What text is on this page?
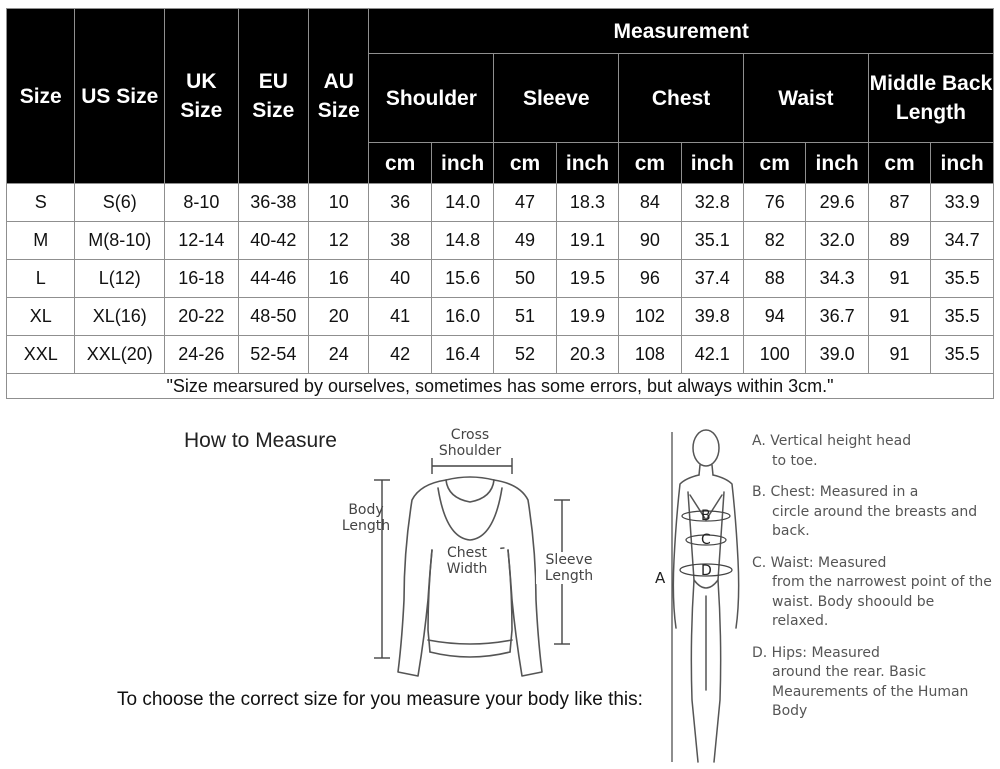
Size	US Size	UK Size	EU Size	AU Size	Measurement									
					Shoulder		Sleeve		Chest		Waist		Middle Back Length	
					cm	inch	cm	inch	cm	inch	cm	inch	cm	inch
S	S(6)	8-10	36-38	10	36	14.0	47	18.3	84	32.8	76	29.6	87	33.9
M	M(8-10)	12-14	40-42	12	38	14.8	49	19.1	90	35.1	82	32.0	89	34.7
L	L(12)	16-18	44-46	16	40	15.6	50	19.5	96	37.4	88	34.3	91	35.5
XL	XL(16)	20-22	48-50	20	41	16.0	51	19.9	102	39.8	94	36.7	91	35.5
XXL	XXL(20)	24-26	52-54	24	42	16.4	52	20.3	108	42.1	100	39.0	91	35.5
"Size mearsured by ourselves, sometimes has some errors, but always within 3cm."														
How to Measure
To choose the correct size for you measure your body like this:
Cross
Shoulder
Body
Length
Chest
Width
Sleeve
Length	A
B
C
D
A. Vertical height head
to toe.
B. Chest: Measured in a
circle around the breasts and back.
C. Waist: Measured
from the narrowest point of the waist. Body shoould be relaxed.
D. Hips: Measured
around the rear. Basic Meaurements of the Human Body
